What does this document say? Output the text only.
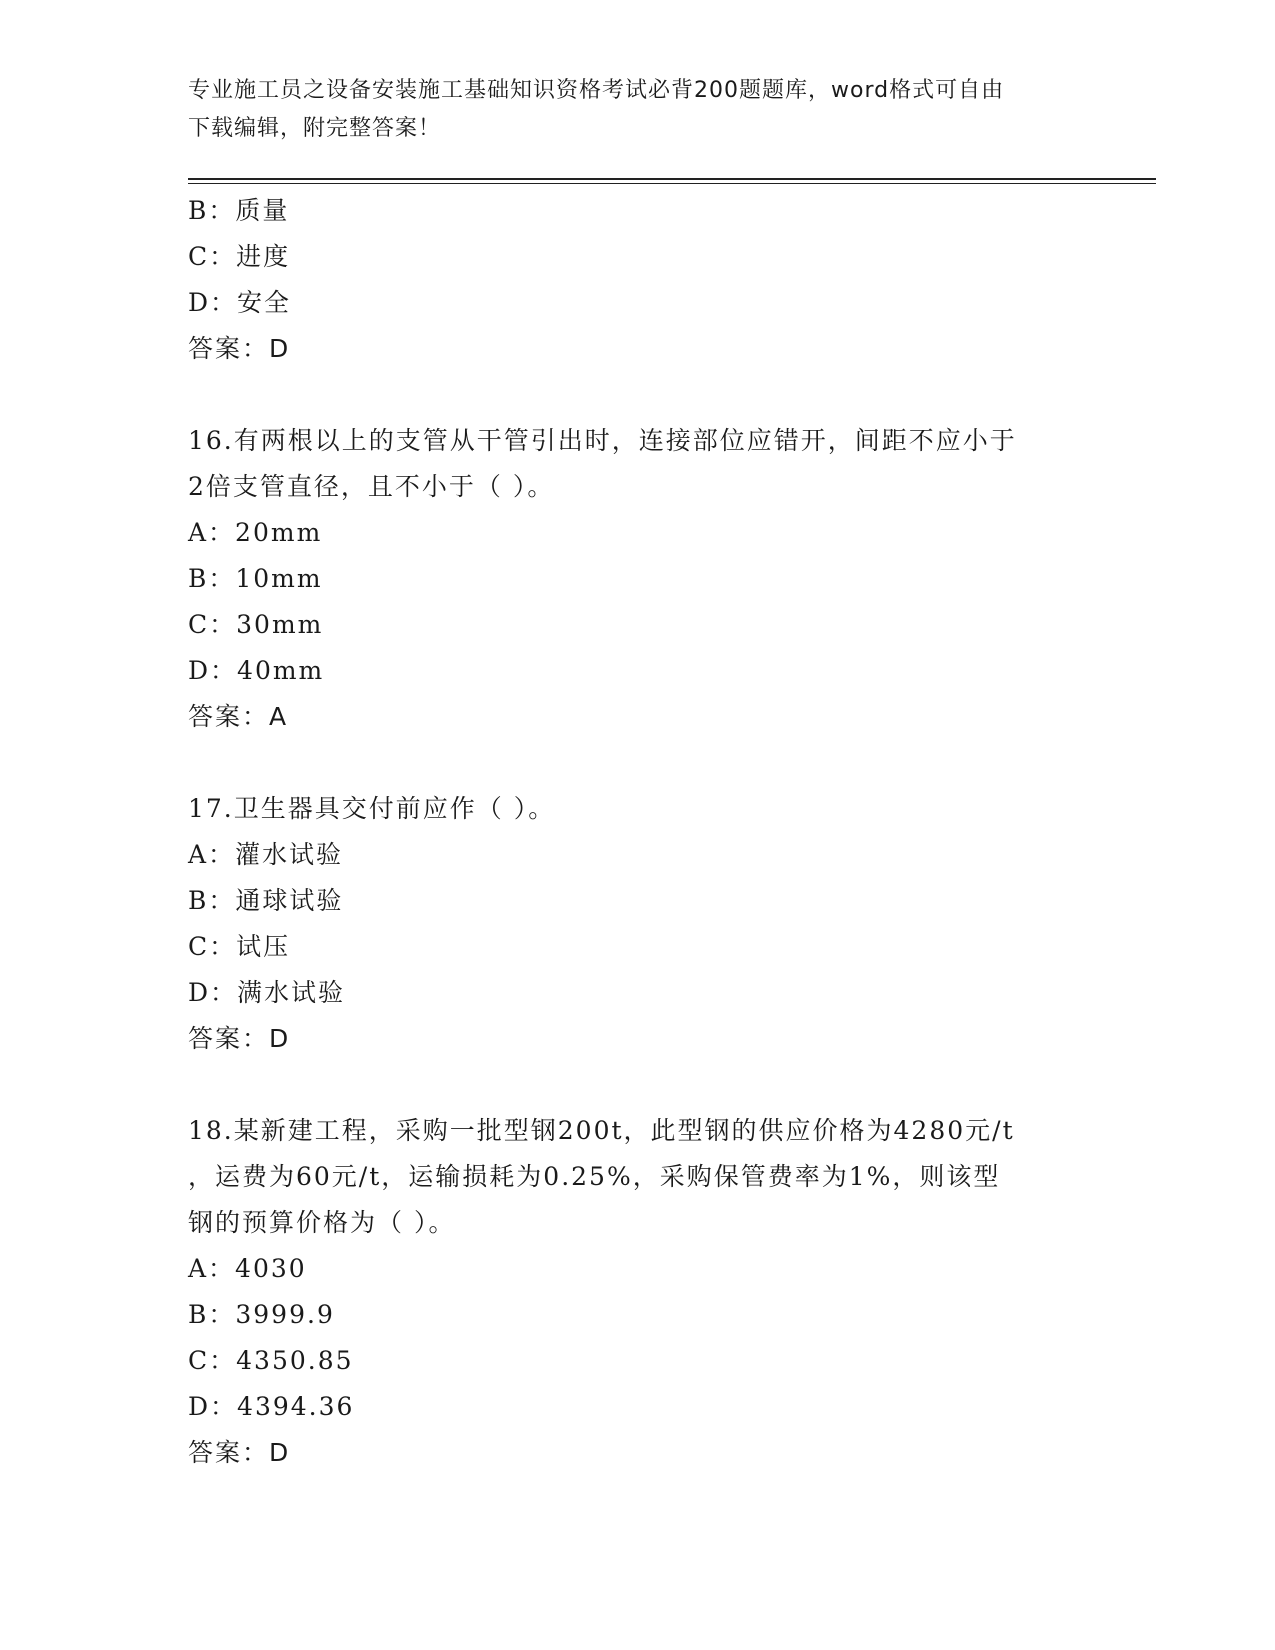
专业施工员之设备安装施工基础知识资格考试必背200题题库，word格式可自由
下载编辑，附完整答案！
B：质量
C：进度
D：安全
答案：D
16.有两根以上的支管从干管引出时，连接部位应错开，间距不应小于
2倍支管直径，且不小于（ ）。
A：20mm
B：10mm
C：30mm
D：40mm
答案：A
17.卫生器具交付前应作（ ）。
A：灌水试验
B：通球试验
C：试压
D：满水试验
答案：D
18.某新建工程，采购一批型钢200t，此型钢的供应价格为4280元/t
，运费为60元/t，运输损耗为0.25%，采购保管费率为1%，则该型
钢的预算价格为（ ）。
A：4030
B：3999.9
C：4350.85
D：4394.36
答案：D
